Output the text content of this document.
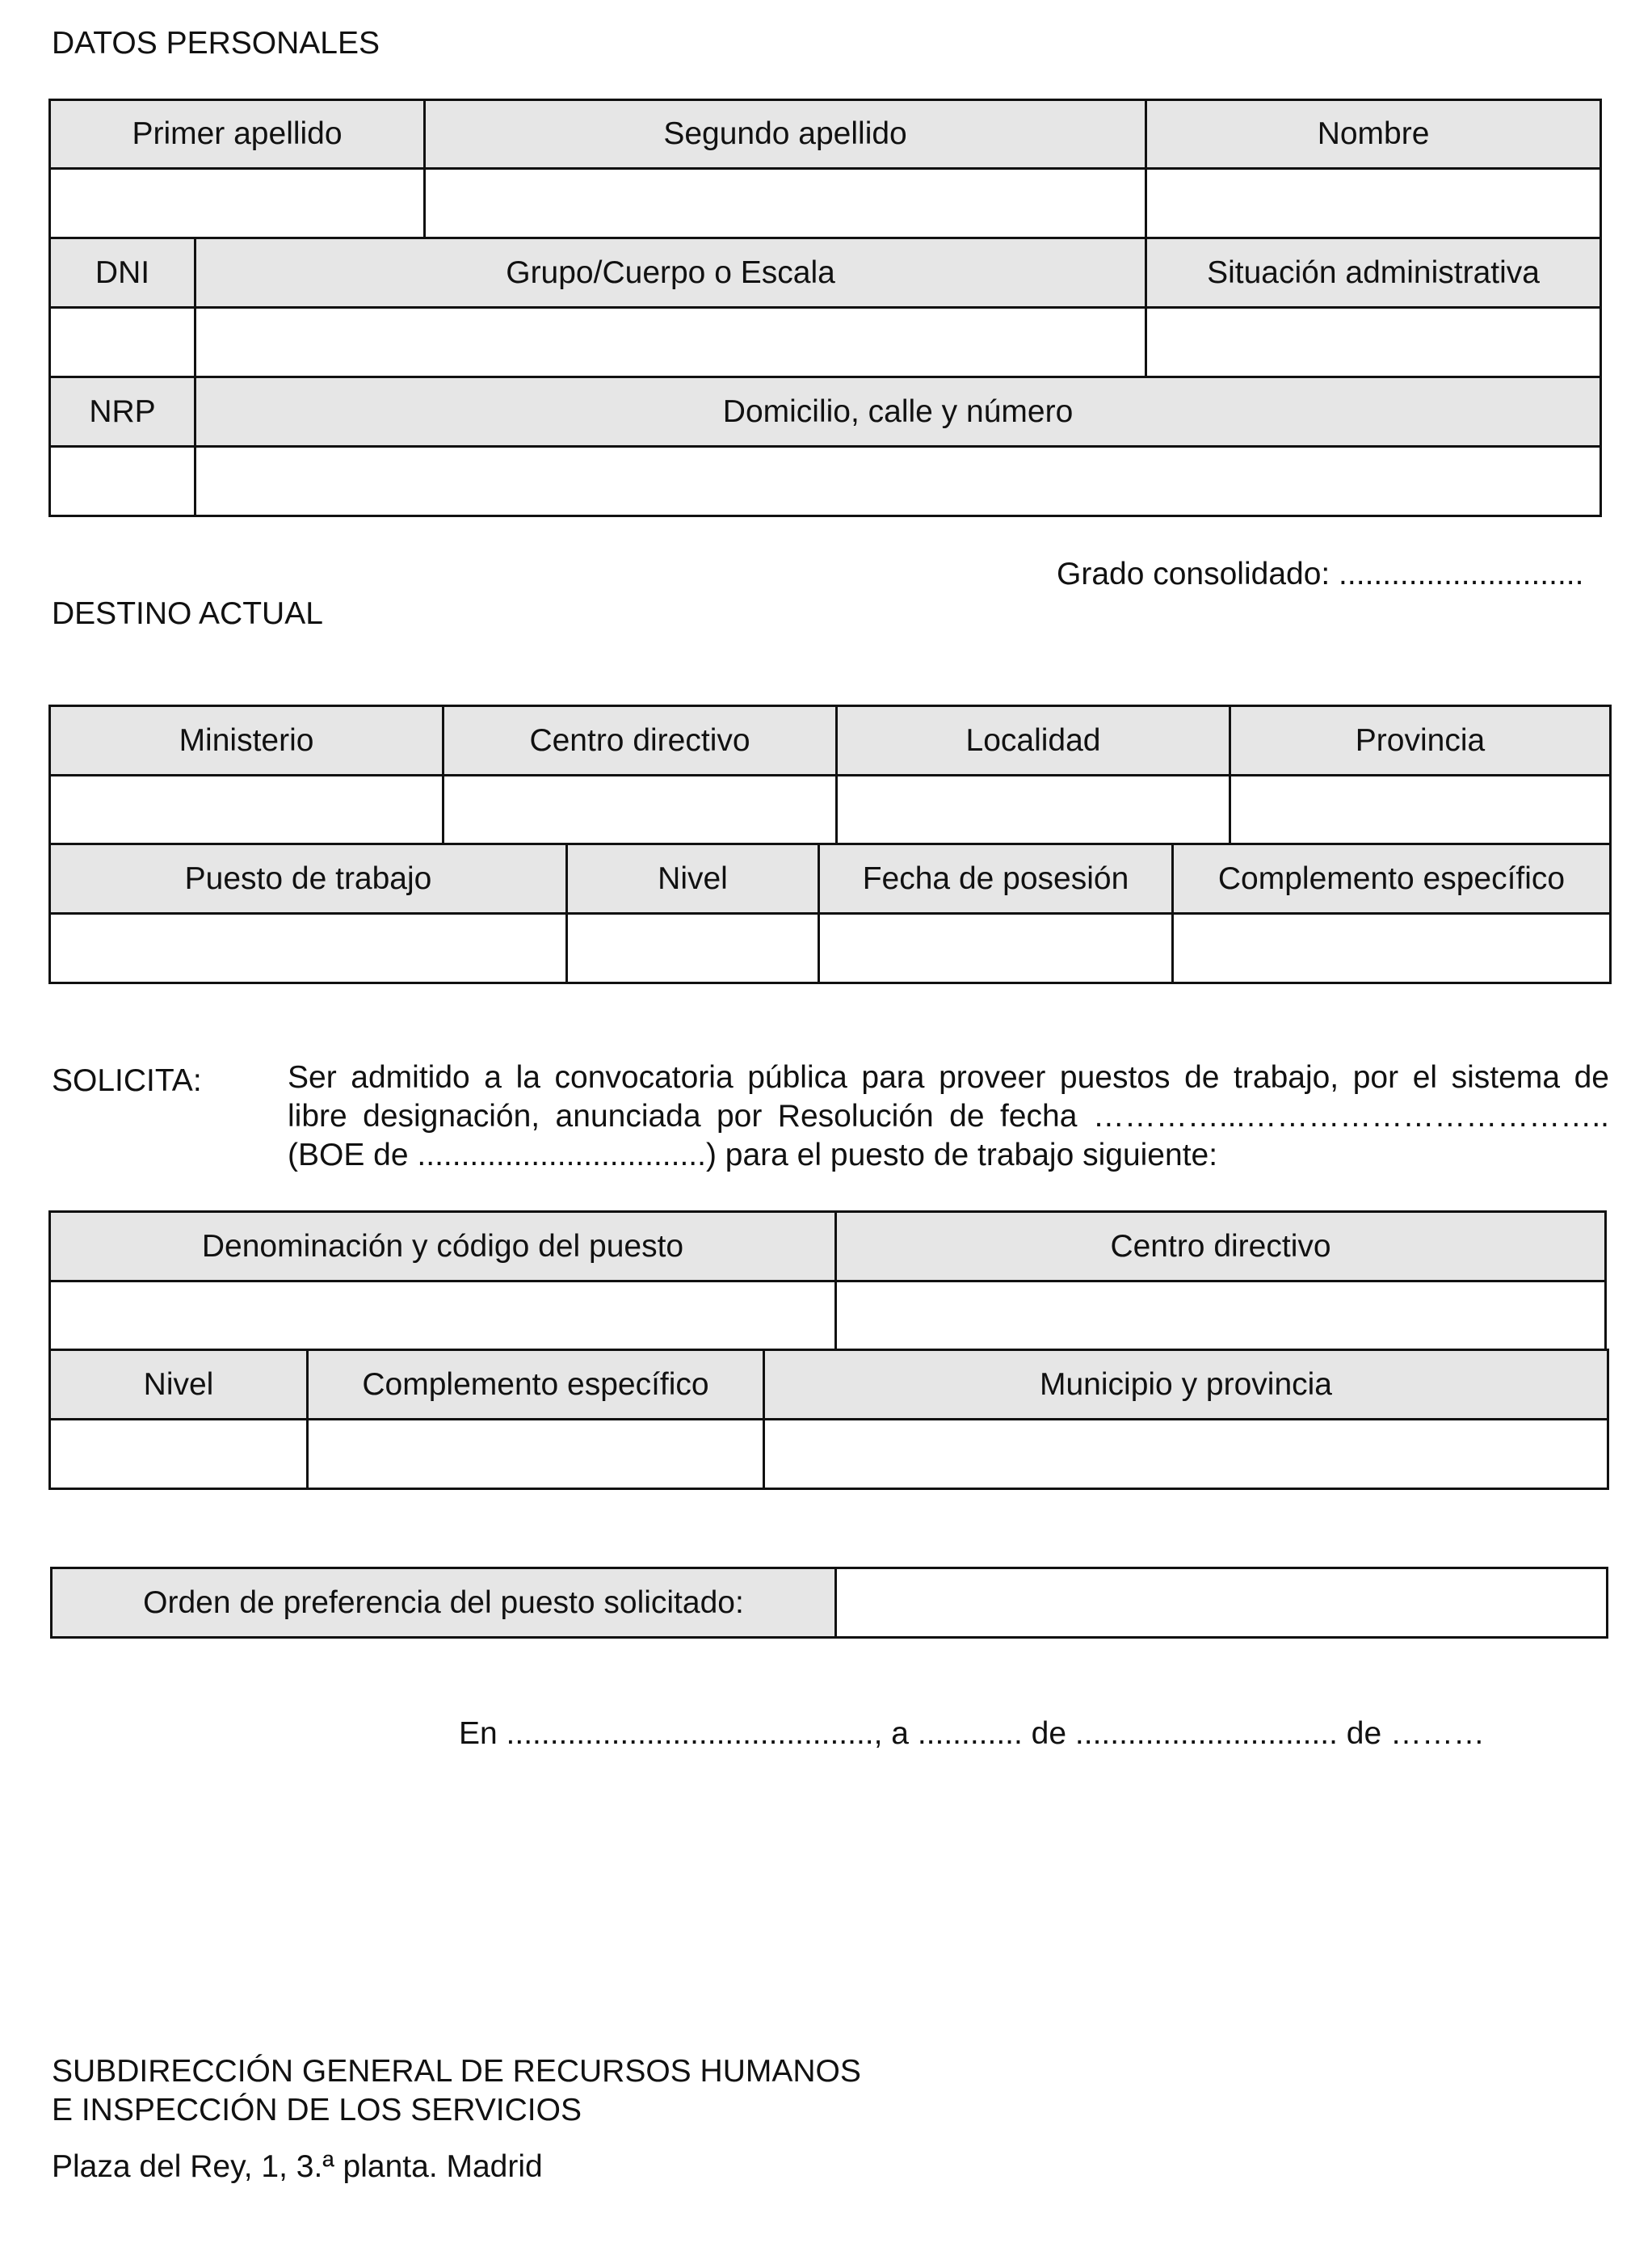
DATOS PERSONALES
Primer apellido		Segundo apellido	Nombre

DNI	Grupo/Cuerpo o Escala		Situación administrativa

NRP	Domicilio, calle y número		

Grado consolidado: ............................
DESTINO ACTUAL
Ministerio	Centro directivo	Localidad	Provincia

Puesto de trabajo	Nivel	Fecha de posesión	Complemento específico

SOLICITA:	Ser admitido a la convocatoria pública para proveer puestos de trabajo, por el sistema de
libre designación, anunciada por Resolución de fecha …………...……………………………..
(BOE de .................................) para el puesto de trabajo siguiente:
Denominación y código del puesto	Centro directivo

Nivel	Complemento específico	Municipio y provincia

Orden de preferencia del puesto solicitado:	
En .........................................., a ............ de .............................. de ………
SUBDIRECCIÓN GENERAL DE RECURSOS HUMANOS
E INSPECCIÓN DE LOS SERVICIOS
Plaza del Rey, 1, 3.ª planta. Madrid
